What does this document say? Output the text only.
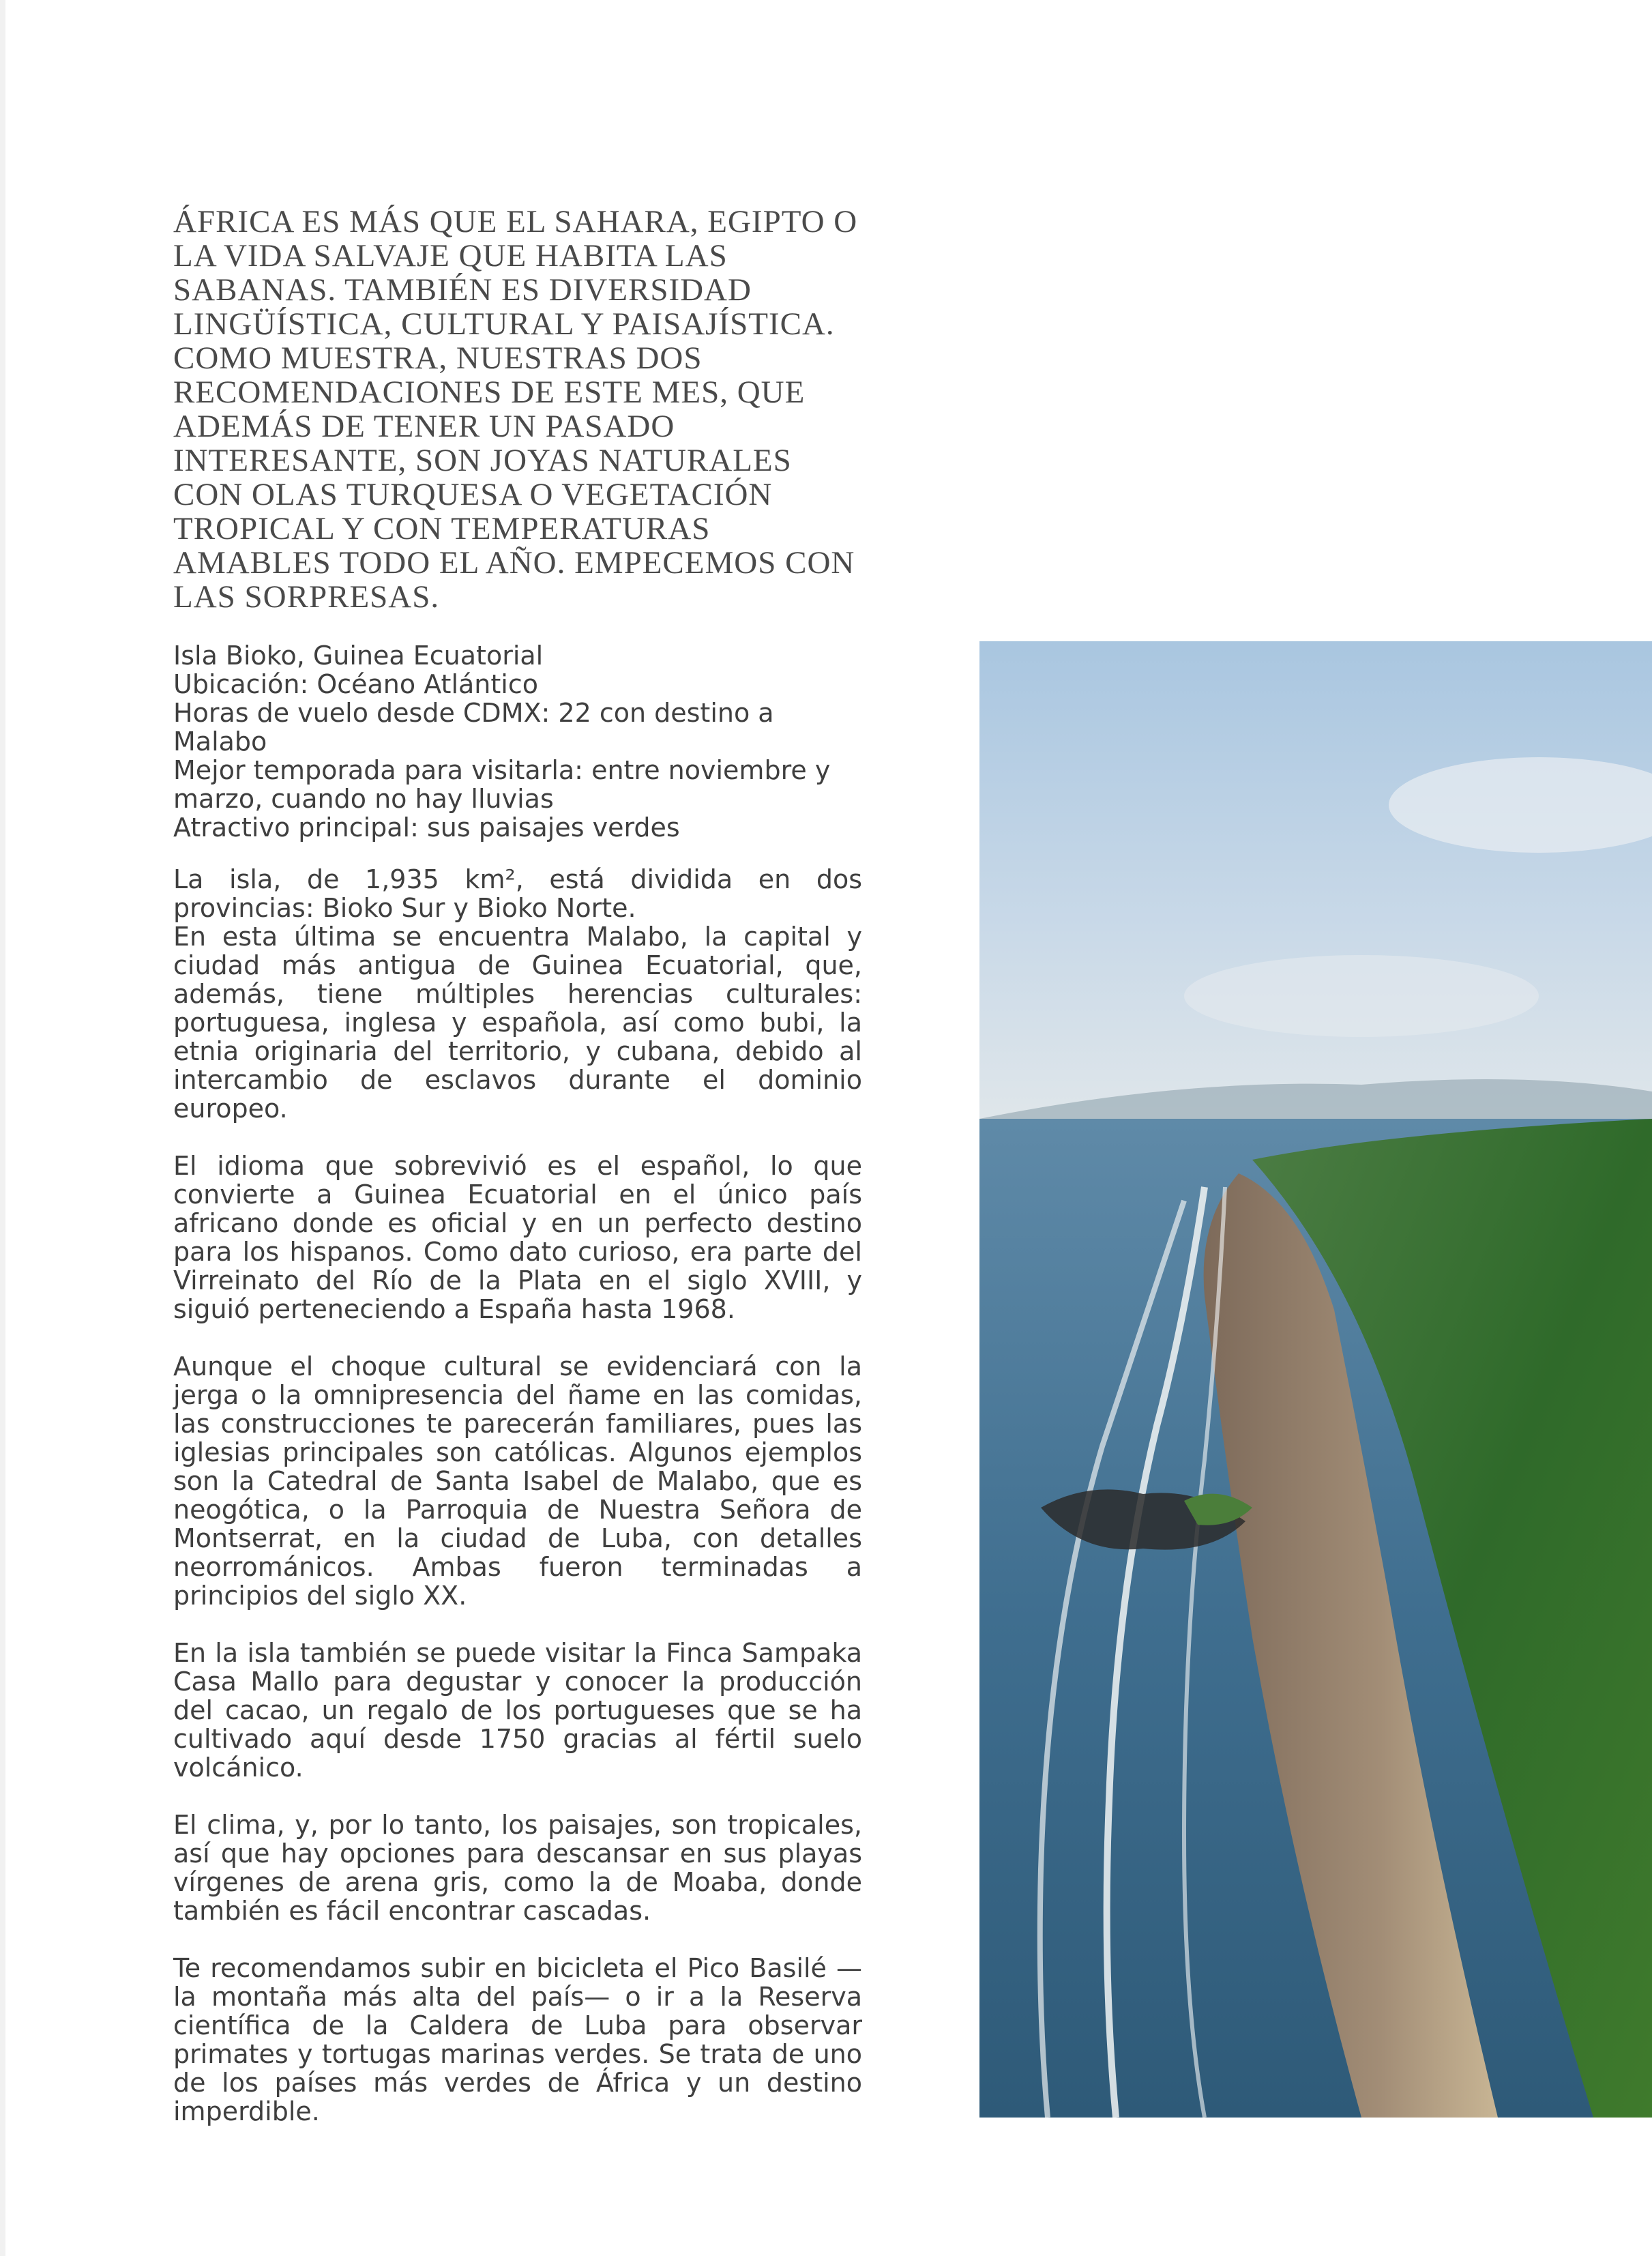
ÁFRICA ES MÁS QUE EL SAHARA, EGIPTO O LA VIDA SALVAJE QUE HABITA LAS SABANAS. TAMBIÉN ES DIVERSIDAD LINGÜÍSTICA, CULTURAL Y PAISAJÍSTICA. COMO MUESTRA, NUESTRAS DOS RECOMENDACIONES DE ESTE MES, QUE ADEMÁS DE TENER UN PASADO INTERESANTE, SON JOYAS NATURALES CON OLAS TURQUESA O VEGETACIÓN TROPICAL Y CON TEMPERATURAS AMABLES TODO EL AÑO. EMPECEMOS CON LAS SORPRESAS.
Isla Bioko, Guinea Ecuatorial
Ubicación: Océano Atlántico
Horas de vuelo desde CDMX: 22 con destino a Malabo
Mejor temporada para visitarla: entre noviembre y marzo, cuando no hay lluvias
Atractivo principal: sus paisajes verdes

La isla, de 1,935 km², está dividida en dos provincias: Bioko Sur y Bioko Norte.

En esta última se encuentra Malabo, la capital y ciudad más antigua de Guinea Ecuatorial, que, además, tiene múltiples herencias culturales: portuguesa, inglesa y española, así como bubi, la etnia originaria del territorio, y cubana, debido al intercambio de esclavos durante el dominio europeo.

El idioma que sobrevivió es el español, lo que convierte a Guinea Ecuatorial en el único país africano donde es oficial y en un perfecto destino para los hispanos. Como dato curioso, era parte del Virreinato del Río de la Plata en el siglo XVIII, y siguió perteneciendo a España hasta 1968.

Aunque el choque cultural se evidenciará con la jerga o la omnipresencia del ñame en las comidas, las construcciones te parecerán familiares, pues las iglesias principales son católicas. Algunos ejemplos son la Catedral de Santa Isabel de Malabo, que es neogótica, o la Parroquia de Nuestra Señora de Montserrat, en la ciudad de Luba, con detalles neorrománicos. Ambas fueron terminadas a principios del siglo XX.

En la isla también se puede visitar la Finca Sampaka Casa Mallo para degustar y conocer la producción del cacao, un regalo de los portugueses que se ha cultivado aquí desde 1750 gracias al fértil suelo volcánico.

El clima, y, por lo tanto, los paisajes, son tropicales, así que hay opciones para descansar en sus playas vírgenes de arena gris, como la de Moaba, donde también es fácil encontrar cascadas.

Te recomendamos subir en bicicleta el Pico Basilé —la montaña más alta del país— o ir a la Reserva científica de la Caldera de Luba para observar primates y tortugas marinas verdes. Se trata de uno de los países más verdes de África y un destino imperdible.
